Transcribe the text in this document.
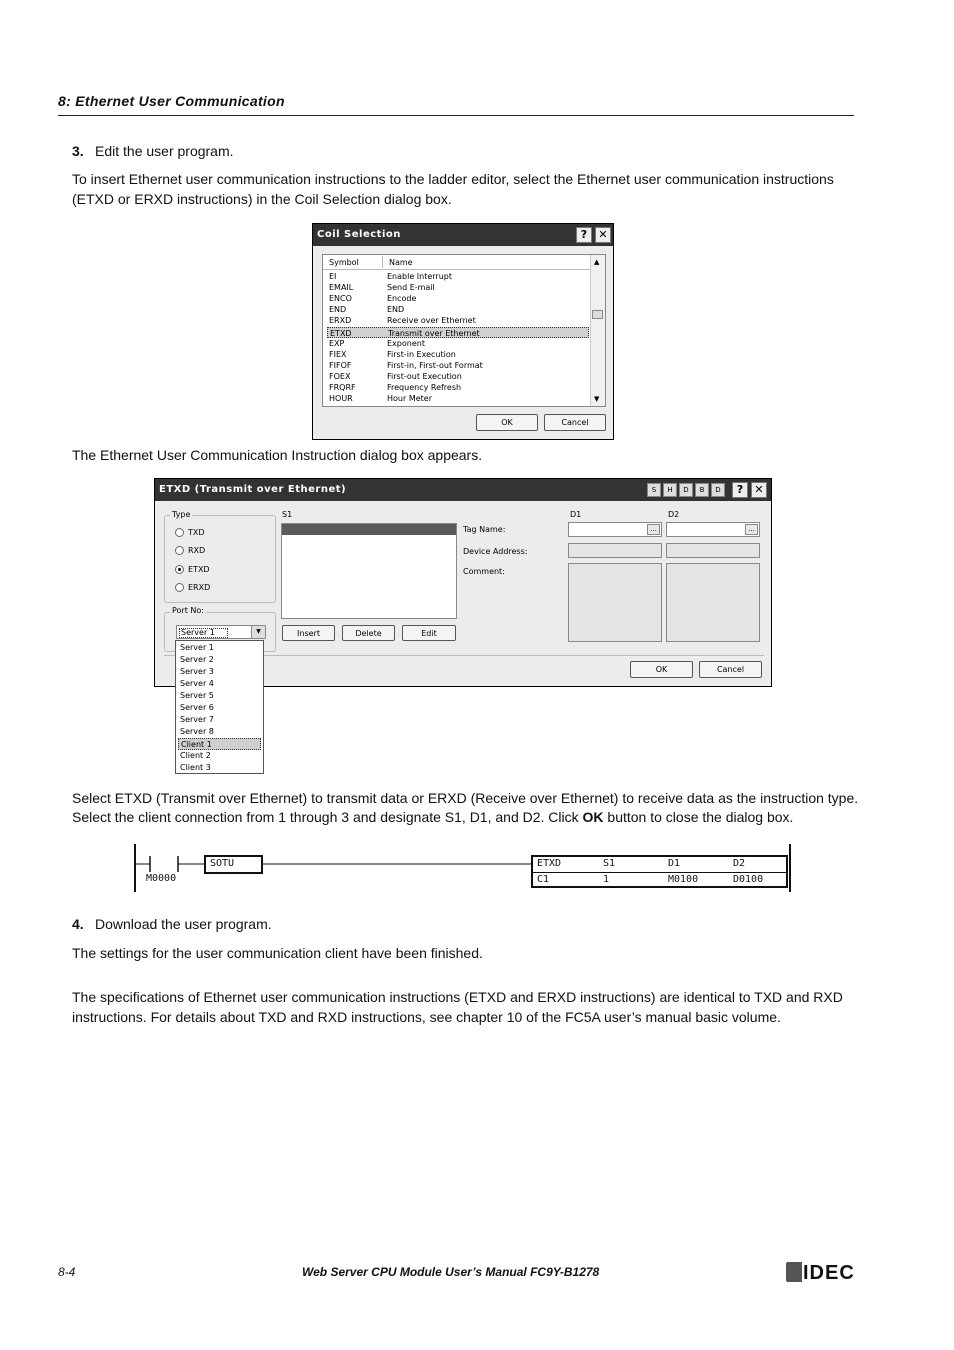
8: Ethernet User Communication
3. Edit the user program.
To insert Ethernet user communication instructions to the ladder editor, select the Ethernet user communication instructions (ETXD or ERXD instructions) in the Coil Selection dialog box.
Coil Selection	?	✕
Symbol	Name
EI	Enable Interrupt
EMAIL	Send E-mail
ENCO	Encode
END	END
ERXD	Receive over Ethernet
ETXD	Transmit over Ethernet
EXP	Exponent
FIEX	First-in Execution
FIFOF	First-in, First-out Format
FOEX	First-out Execution
FRQRF	Frequency Refresh
HOUR	Hour Meter
▲
▼
OK	Cancel
The Ethernet User Communication Instruction dialog box appears.
ETXD (Transmit over Ethernet)	S	H	D	B	D	?	✕
Type
TXD
RXD
ETXD
ERXD
Port No:
Server 1	▼
S1
Insert	Delete	Edit
Tag Name:
Device Address:
Comment:
D1
...
D2
...
OK	Cancel
Server 1
Server 2
Server 3
Server 4
Server 5
Server 6
Server 7
Server 8
Client 1
Client 2
Client 3
Select ETXD (Transmit over Ethernet) to transmit data or ERXD (Receive over Ethernet) to receive data as the instruction type. Select the client connection from 1 through 3 and designate S1, D1, and D2. Click OK button to close the dialog box.
M0000
SOTU	ETXD	S1	D1	D2
C1	1	M0100	D0100
4. Download the user program.
The settings for the user communication client have been finished.
The specifications of Ethernet user communication instructions (ETXD and ERXD instructions) are identical to TXD and RXD instructions. For details about TXD and RXD instructions, see chapter 10 of the FC5A user’s manual basic volume.
8-4	Web Server CPU Module User’s Manual FC9Y-B1278	IDEC
